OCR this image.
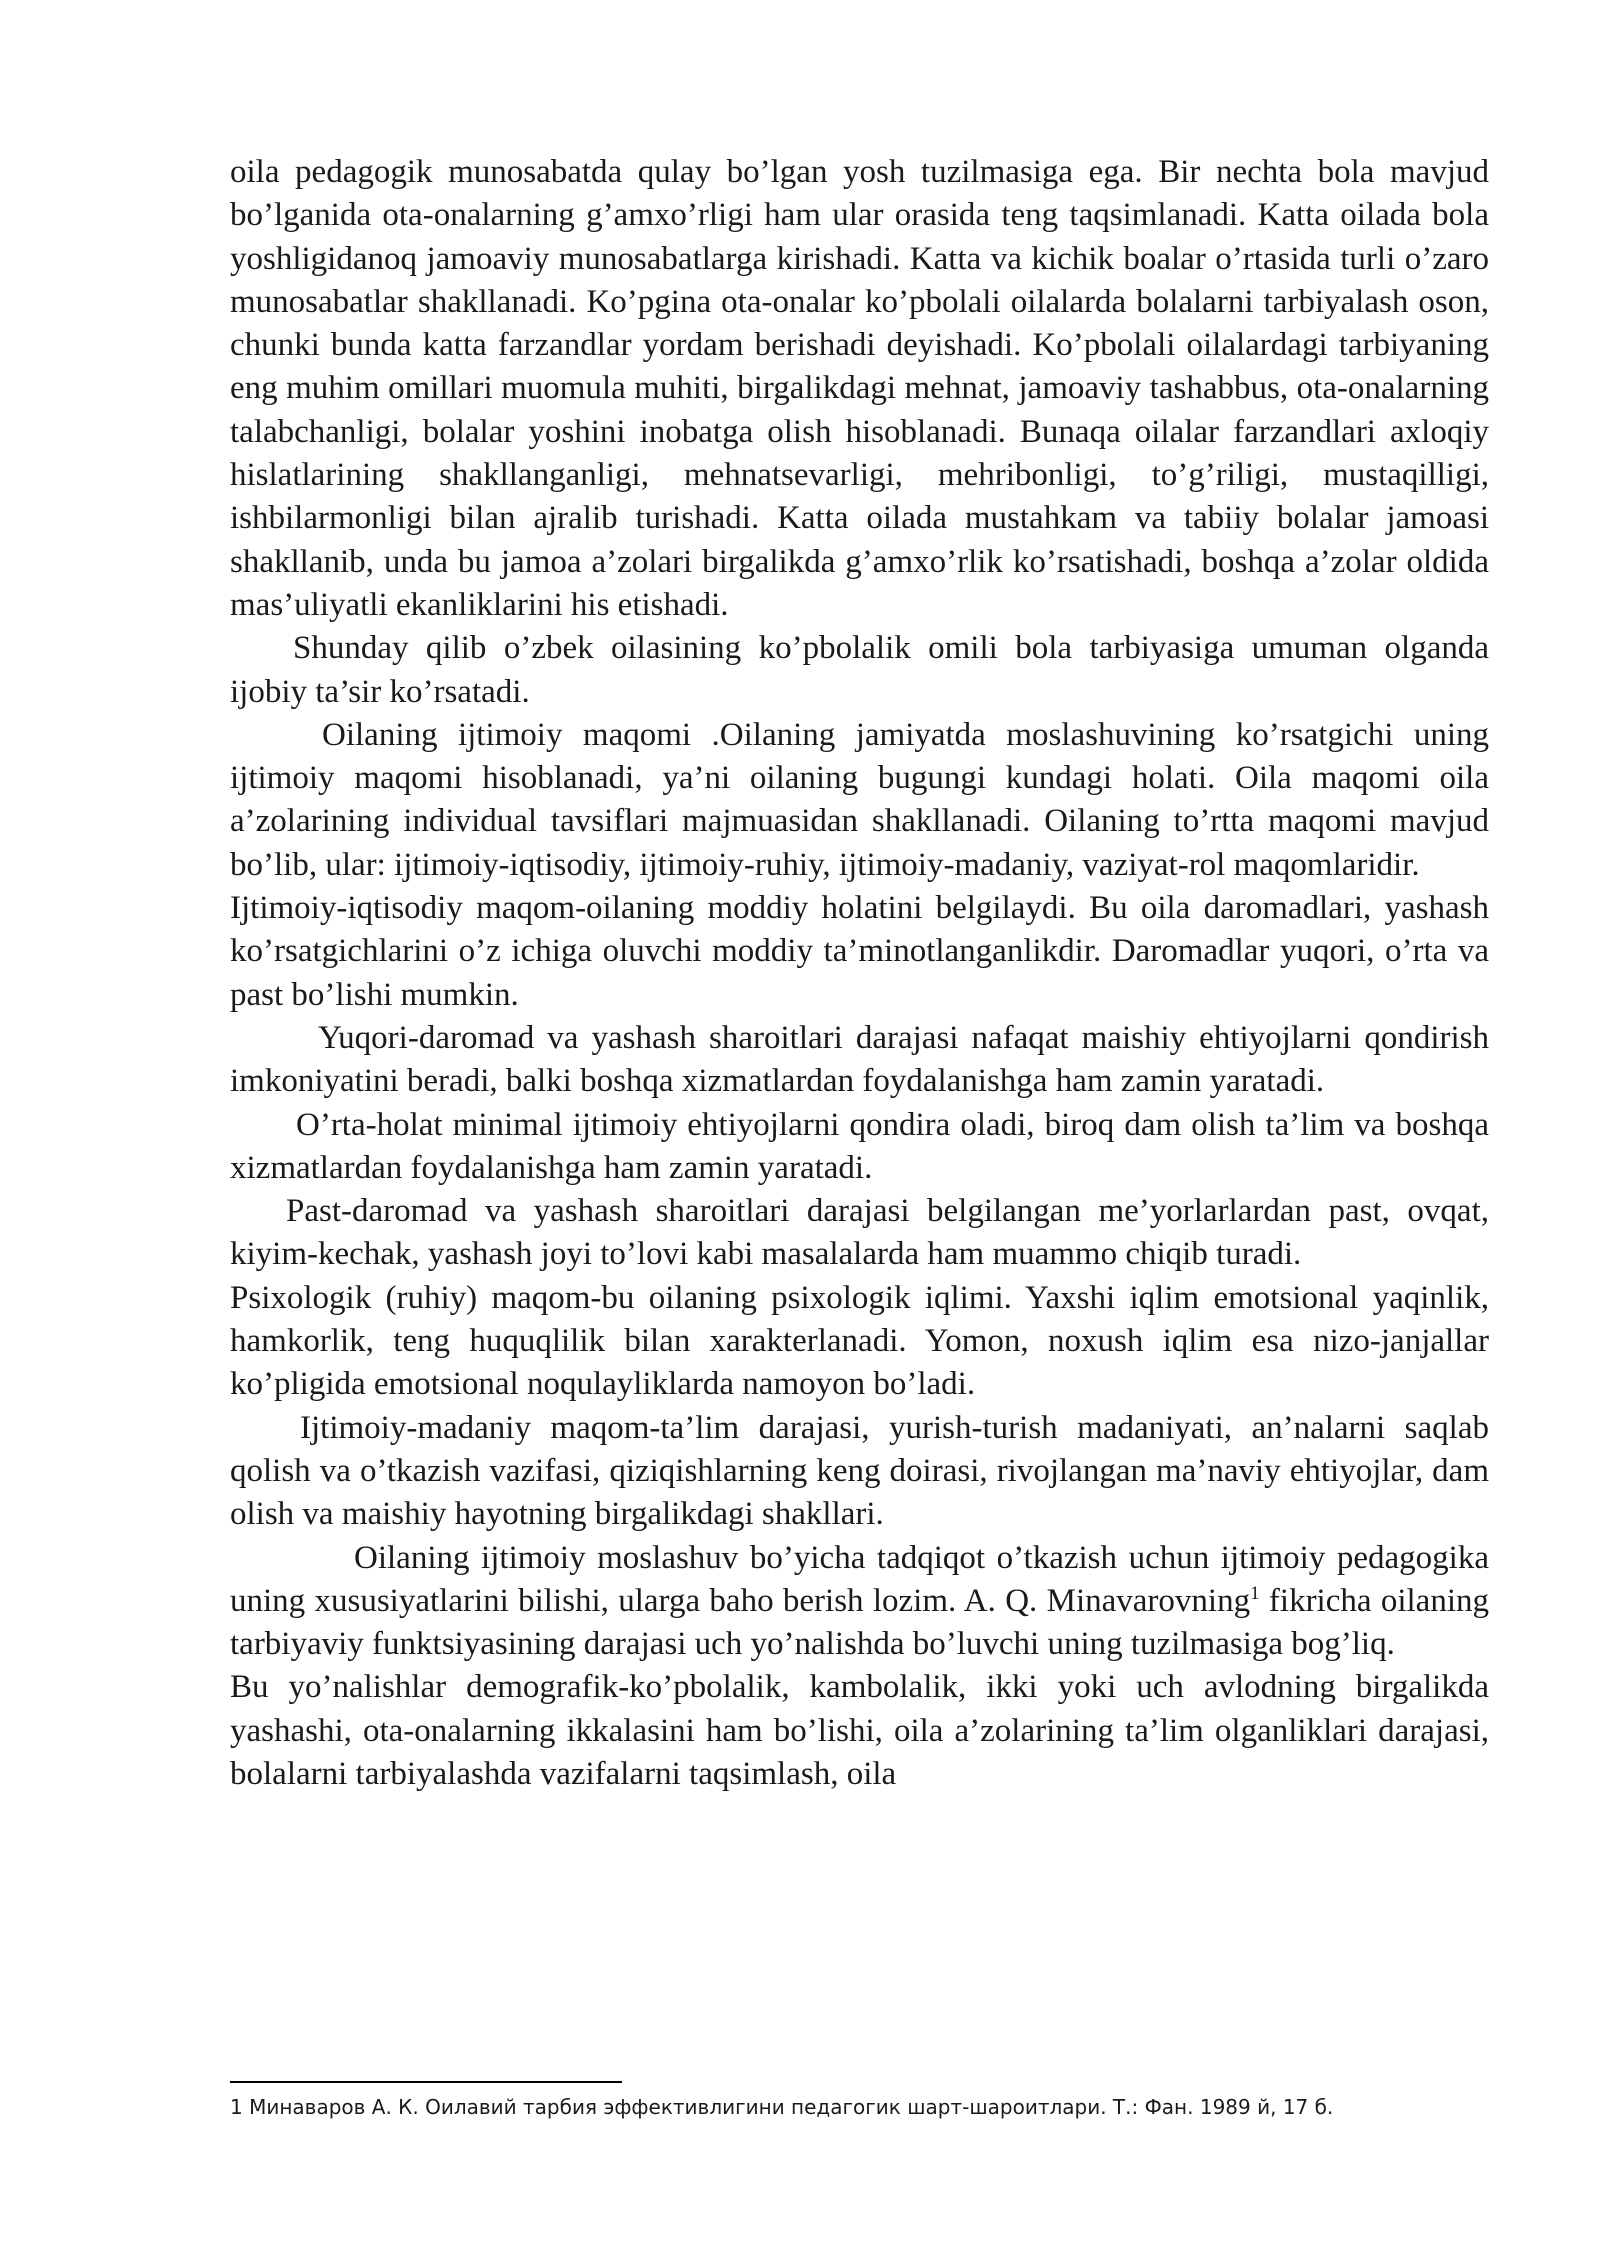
oila pedagogik munosabatda qulay bo’lgan yosh tuzilmasiga ega. Bir nechta bola mavjud bo’lganida ota-onalarning g’amxo’rligi ham ular orasida teng taqsimlanadi. Katta oilada bola yoshligidanoq jamoaviy munosabatlarga kirishadi. Katta va kichik boalar o’rtasida turli o’zaro munosabatlar shakllanadi. Ko’pgina ota-onalar ko’pbolali oilalarda bolalarni tarbiyalash oson, chunki bunda katta farzandlar yordam berishadi deyishadi. Ko’pbolali oilalardagi tarbiyaning eng muhim omillari muomula muhiti, birgalikdagi mehnat, jamoaviy tashabbus, ota-onalarning talabchanligi, bolalar yoshini inobatga olish hisoblanadi. Bunaqa oilalar farzandlari axloqiy hislatlarining shakllanganligi, mehnatsevarligi, mehribonligi, to’g’riligi, mustaqilligi, ishbilarmonligi bilan ajralib turishadi. Katta oilada mustahkam va tabiiy bolalar jamoasi shakllanib, unda bu jamoa a’zolari birgalikda g’amxo’rlik ko’rsatishadi, boshqa a’zolar oldida mas’uliyatli ekanliklarini his etishadi.

Shunday qilib o’zbek oilasining ko’pbolalik omili bola tarbiyasiga umuman olganda ijobiy ta’sir ko’rsatadi.

Oilaning ijtimoiy maqomi .Oilaning jamiyatda moslashuvining ko’rsatgichi uning ijtimoiy maqomi hisoblanadi, ya’ni oilaning bugungi kundagi holati. Oila maqomi oila a’zolarining individual tavsiflari majmuasidan shakllanadi. Oilaning to’rtta maqomi mavjud bo’lib, ular: ijtimoiy-iqtisodiy, ijtimoiy-ruhiy, ijtimoiy-madaniy, vaziyat-rol maqomlaridir.

Ijtimoiy-iqtisodiy maqom-oilaning moddiy holatini belgilaydi. Bu oila daromadlari, yashash ko’rsatgichlarini o’z ichiga oluvchi moddiy ta’minotlanganlikdir. Daromadlar yuqori, o’rta va past bo’lishi mumkin.

Yuqori-daromad va yashash sharoitlari darajasi nafaqat maishiy ehtiyojlarni qondirish imkoniyatini beradi, balki boshqa xizmatlardan foydalanishga ham zamin yaratadi.

O’rta-holat minimal ijtimoiy ehtiyojlarni qondira oladi, biroq dam olish ta’lim va boshqa xizmatlardan foydalanishga ham zamin yaratadi.

Past-daromad va yashash sharoitlari darajasi belgilangan me’yorlarlardan past, ovqat, kiyim-kechak, yashash joyi to’lovi kabi masalalarda ham muammo chiqib turadi.

Psixologik (ruhiy) maqom-bu oilaning psixologik iqlimi. Yaxshi iqlim emotsional yaqinlik, hamkorlik, teng huquqlilik bilan xarakterlanadi. Yomon, noxush iqlim esa nizo-janjallar ko’pligida emotsional noqulayliklarda namoyon bo’ladi.

Ijtimoiy-madaniy maqom-ta’lim darajasi, yurish-turish madaniyati, an’nalarni saqlab qolish va o’tkazish vazifasi, qiziqishlarning keng doirasi, rivojlangan ma’naviy ehtiyojlar, dam olish va maishiy hayotning birgalikdagi shakllari.

Oilaning ijtimoiy moslashuv bo’yicha tadqiqot o’tkazish uchun ijtimoiy pedagogika uning xususiyatlarini bilishi, ularga baho berish lozim. A. Q. Minavarovning$^1$ fikricha oilaning tarbiyaviy funktsiyasining darajasi uch yo’nalishda bo’luvchi uning tuzilmasiga bog’liq.

Bu yo’nalishlar demografik-ko’pbolalik, kambolalik, ikki yoki uch avlodning birgalikda yashashi, ota-onalarning ikkalasini ham bo’lishi, oila a’zolarining ta’lim olganliklari darajasi, bolalarni tarbiyalashda vazifalarni taqsimlash, oila

1 Минаваров А. К. Оилавий тарбия эффективлигини педагогик шарт-шароитлари. Т.: Фан. 1989 й, 17 б.
